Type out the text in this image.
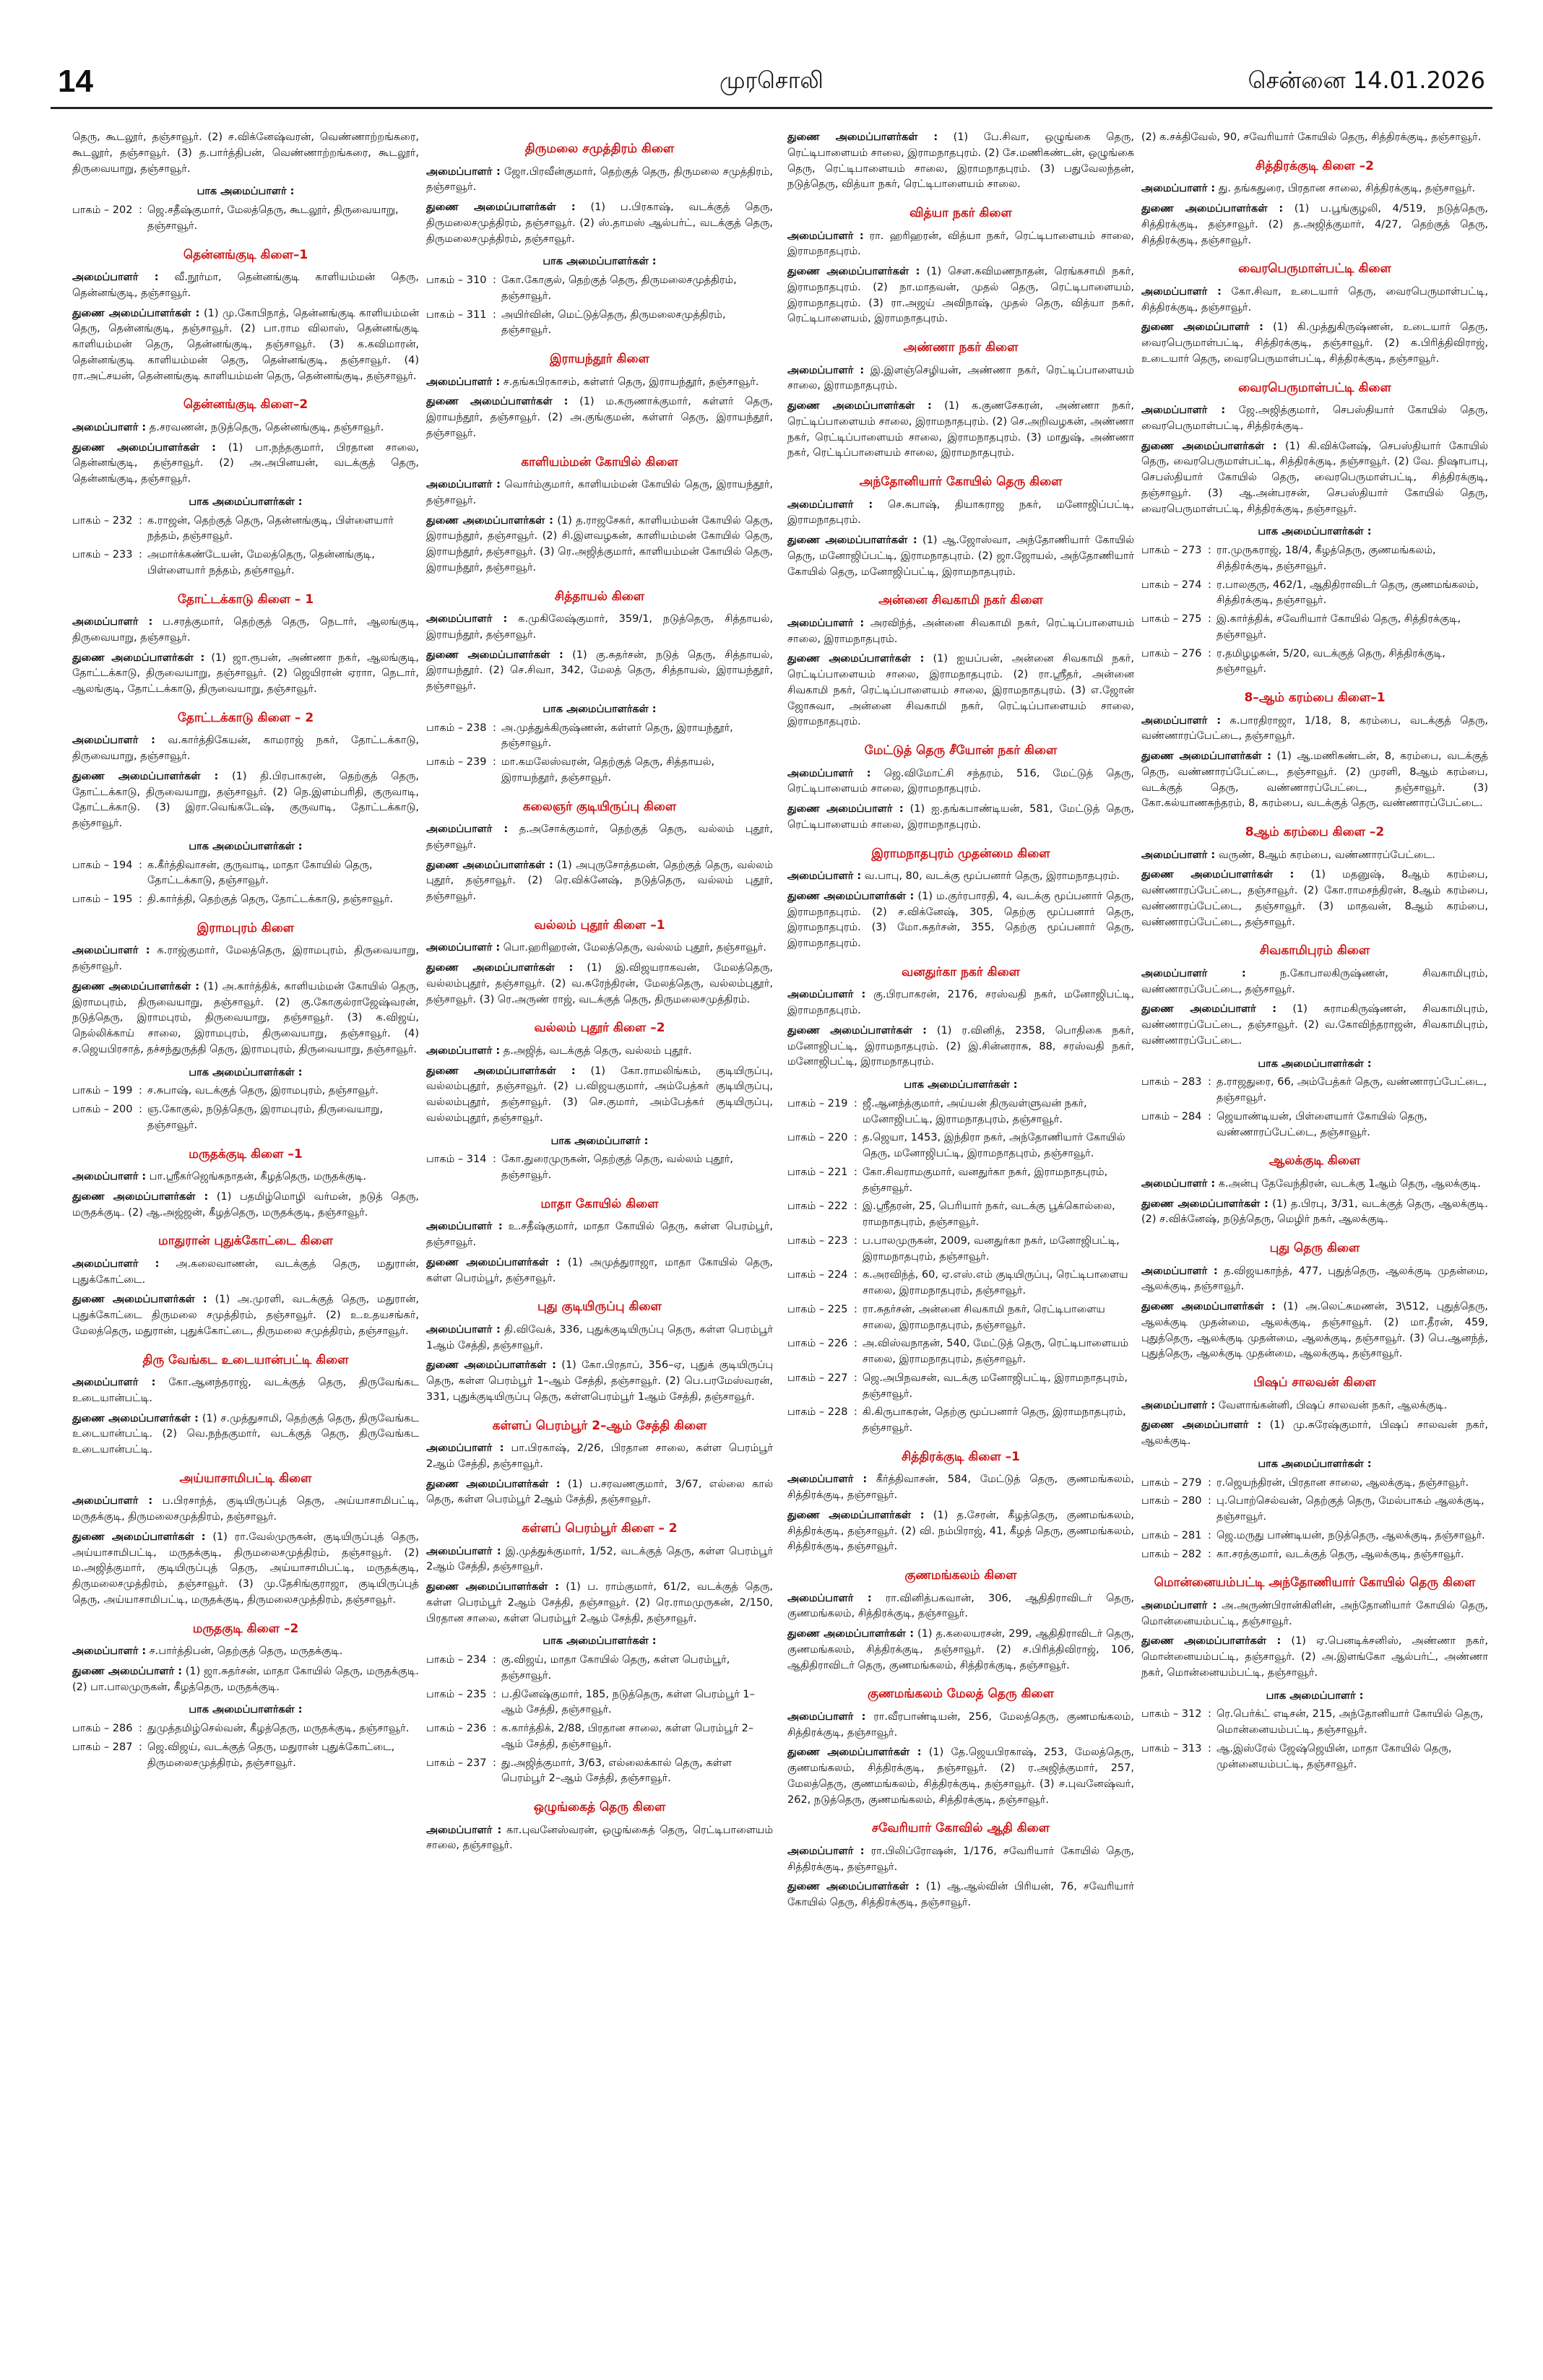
14	முரசொலி	சென்னை 14.01.2026

தெரு, கூடலூர், தஞ்சாவூர். (2) ச.விக்னேஷ்வரன், வெண்ணாற்றங்கரை, கூடலூர், தஞ்சாவூர். (3) த.பார்த்திபன், வெண்ணாற்றங்கரை, கூடலூர், திருவையாறு, தஞ்சாவூர்.

பாக அமைப்பாளர் :
பாகம் – 202 : ஜெ.சதீஷ்குமார், மேலத்தெரு, கூடலூர், திருவையாறு, தஞ்சாவூர்.
தென்னங்குடி கிளை–1

அமைப்பாளர் : வீ.நூர்மா, தென்னங்குடி காளியம்மன் தெரு, தென்னங்குடி, தஞ்சாவூர்.

துணை அமைப்பாளர்கள் : (1) மு.கோபிநாத், தென்னங்குடி காளியம்மன் தெரு, தென்னங்குடி, தஞ்சாவூர். (2) பா.ராம விலாஸ், தென்னங்குடி காளியம்மன் தெரு, தென்னங்குடி, தஞ்சாவூர். (3) க.கவிமாரன், தென்னங்குடி காளியம்மன் தெரு, தென்னங்குடி, தஞ்சாவூர். (4) ரா.அட்சயன், தென்னங்குடி காளியம்மன் தெரு, தென்னங்குடி, தஞ்சாவூர்.

தென்னங்குடி கிளை–2

அமைப்பாளர் : த.சரவணன், நடுத்தெரு, தென்னங்குடி, தஞ்சாவூர்.

துணை அமைப்பாளர்கள் : (1) பா.நந்தகுமார், பிரதான சாலை, தென்னங்குடி, தஞ்சாவூர். (2) அ.அபினயன், வடக்குத் தெரு, தென்னங்குடி, தஞ்சாவூர்.

பாக அமைப்பாளர்கள் :
பாகம் – 232 : க.ராஜன், தெற்குத் தெரு, தென்னங்குடி, பிள்ளையார் நத்தம், தஞ்சாவூர்.
பாகம் – 233 : அமார்க்கண்டேயன், மேலத்தெரு, தென்னங்குடி, பிள்ளையார் நத்தம், தஞ்சாவூர்.
தோட்டக்காடு கிளை – 1

அமைப்பாளர் : ப.சரத்குமார், தெற்குத் தெரு, நெடார், ஆலங்குடி, திருவையாறு, தஞ்சாவூர்.

துணை அமைப்பாளர்கள் : (1) ஜா.ரூபன், அண்ணா நகர், ஆலங்குடி, தோட்டக்காடு, திருவையாறு, தஞ்சாவூர். (2) ஜெயிரான் ஏராா, நெடார், ஆலங்குடி, தோட்டக்காடு, திருவையாறு, தஞ்சாவூர்.

தோட்டக்காடு கிளை – 2

அமைப்பாளர் : வ.கார்த்திகேயன், காமராஜ் நகர், தோட்டக்காடு, திருவையாறு, தஞ்சாவூர்.

துணை அமைப்பாளர்கள் : (1) தி.பிரபாகரன், தெற்குத் தெரு, தோட்டக்காடு, திருவையாறு, தஞ்சாவூர். (2) நெ.இளம்பரிதி, குருவாடி, தோட்டக்காடு. (3) இரா.வெங்கடேஷ், குருவாடி, தோட்டக்காடு, தஞ்சாவூர்.

பாக அமைப்பாளர்கள் :
பாகம் – 194 : க.கீர்த்திவாசன், குருவாடி, மாதா கோயில் தெரு, தோட்டக்காடு, தஞ்சாவூர்.
பாகம் – 195 : தி.கார்த்தி, தெற்குத் தெரு, தோட்டக்காடு, தஞ்சாவூர்.
இராமபுரம் கிளை

அமைப்பாளர் : க.ராஜ்குமார், மேலத்தெரு, இராமபுரம், திருவையாறு, தஞ்சாவூர்.

துணை அமைப்பாளர்கள் : (1) அ.கார்த்திக், காளியம்மன் கோயில் தெரு, இராமபுரம், திருவையாறு, தஞ்சாவூர். (2) கு.கோகுல்ராஜேஷ்வரன், நடுத்தெரு, இராமபுரம், திருவையாறு, தஞ்சாவூர். (3) க.விஜய், நெல்லிக்காய் சாலை, இராமபுரம், திருவையாறு, தஞ்சாவூர். (4) ச.ஜெயபிரசாத், தச்சந்துருத்தி தெரு, இராமபுரம், திருவையாறு, தஞ்சாவூர்.

பாக அமைப்பாளர்கள் :
பாகம் – 199 : ச.சுபாஷ், வடக்குத் தெரு, இராமபுரம், தஞ்சாவூர்.
பாகம் – 200 : ஞ.கோகுல், நடுத்தெரு, இராமபுரம், திருவையாறு, தஞ்சாவூர்.
மருதக்குடி கிளை –1

அமைப்பாளர் : பா.ஸ்ரீகர்ஜெங்கநாதன், கீழத்தெரு, மருதக்குடி.

துணை அமைப்பாளர்கள் : (1) பதமிழ்மொழி வர்மன், நடுத் தெரு, மருதக்குடி. (2) ஆ.அஜ்ஜன், கீழத்தெரு, மருதக்குடி, தஞ்சாவூர்.

மாதுரான் புதுக்கோட்டை கிளை

அமைப்பாளர் : அ.கலைவாணன், வடக்குத் தெரு, மதுரான், புதுக்கோட்டை.

துணை அமைப்பாளர்கள் : (1) அ.முரளி, வடக்குத் தெரு, மதுரான், புதுக்கோட்டை திருமலை சமுத்திரம், தஞ்சாவூர். (2) உ.உதயசங்கர், மேலத்தெரு, மதுரான், புதுக்கோட்டை, திருமலை சமுத்திரம், தஞ்சாவூர்.

திரு வேங்கட உடையான்பட்டி கிளை

அமைப்பாளர் : கோ.ஆனந்தராஜ், வடக்குத் தெரு, திருவேங்கட உடையான்பட்டி.

துணை அமைப்பாளர்கள் : (1) ச.முத்துசாமி, தெற்குத் தெரு, திருவேங்கட உடையான்பட்டி. (2) வெ.நந்தகுமார், வடக்குத் தெரு, திருவேங்கட உடையான்பட்டி.

அய்யாசாமிபட்டி கிளை

அமைப்பாளர் : ப.பிரசாந்த், குடியிருப்புத் தெரு, அய்யாசாமிபட்டி, மருதக்குடி, திருமலைசமுத்திரம், தஞ்சாவூர்.

துணை அமைப்பாளர்கள் : (1) ரா.வேல்முருகன், குடியிருப்புத் தெரு, அய்யாசாமிபட்டி, மருதக்குடி, திருமலைசமுத்திரம், தஞ்சாவூர். (2) ம.அஜித்குமார், குடியிருப்புத் தெரு, அய்யாசாமிபட்டி, மருதக்குடி, திருமலைசமுத்திரம், தஞ்சாவூர். (3) மு.தேசிங்குராஜா, குடியிருப்புத் தெரு, அய்யாசாமிபட்டி, மருதக்குடி, திருமலைசமுத்திரம், தஞ்சாவூர்.

மருதகுடி கிளை –2

அமைப்பாளர் : ச.பார்த்திபன், தெற்குத் தெரு, மருதக்குடி.

துணை அமைப்பாளர் : (1) ஜா.சுதர்சன், மாதா கோயில் தெரு, மருதக்குடி. (2) பா.பாலமுருகன், கீழத்தெரு, மருதக்குடி.

பாக அமைப்பாளர்கள் :
பாகம் – 286 : துமுத்தமிழ்செல்வன், கீழத்தெரு, மருதக்குடி, தஞ்சாவூர்.
பாகம் – 287 : ஜெ.விஜய், வடக்குத் தெரு, மதுரான் புதுக்கோட்டை, திருமலைசமுத்திரம், தஞ்சாவூர்.
திருமலை சமுத்திரம் கிளை

அமைப்பாளர் : ஜோ.பிரவீன்குமார், தெற்குத் தெரு, திருமலை சமுத்திரம், தஞ்சாவூர்.

துணை அமைப்பாளர்கள் : (1) ப.பிரகாஷ், வடக்குத் தெரு, திருமலைசமுத்திரம், தஞ்சாவூர். (2) ஸ்.தாமஸ் ஆல்பர்ட், வடக்குத் தெரு, திருமலைசமுத்திரம், தஞ்சாவூர்.

பாக அமைப்பாளர்கள் :
பாகம் – 310 : கோ.கோகுல், தெற்குத் தெரு, திருமலைசமுத்திரம், தஞ்சாவூர்.
பாகம் – 311 : அயிர்வின், மெட்டுத்தெரு, திருமலைசமுத்திரம், தஞ்சாவூர்.
இராயந்தூர் கிளை

அமைப்பாளர் : ச.தங்கபிரகாசம், கள்ளர் தெரு, இராயந்தூர், தஞ்சாவூர்.

துணை அமைப்பாளர்கள் : (1) ம.கருணாக்குமார், கள்ளர் தெரு, இராயந்தூர், தஞ்சாவூர். (2) அ.குங்குமன், கள்ளர் தெரு, இராயந்தூர், தஞ்சாவூர்.

காளியம்மன் கோயில் கிளை

அமைப்பாளர் : வொர்ம்குமார், காளியம்மன் கோயில் தெரு, இராயந்தூர், தஞ்சாவூர்.

துணை அமைப்பாளர்கள் : (1) த.ராஜசேகர், காளியம்மன் கோயில் தெரு, இராயந்தூர், தஞ்சாவூர். (2) சி.இளவழகன், காளியம்மன் கோயில் தெரு, இராயந்தூர், தஞ்சாவூர். (3) ரெ.அஜித்குமார், காளியம்மன் கோயில் தெரு, இராயந்தூர், தஞ்சாவூர்.

சித்தாயல் கிளை

அமைப்பாளர் : க.முகிலேஷ்குமார், 359/1, நடுத்தெரு, சித்தாயல், இராயந்தூர், தஞ்சாவூர்.

துணை அமைப்பாளர்கள் : (1) கு.சுதர்சன், நடுத் தெரு, சித்தாயல், இராயந்தூர். (2) செ.சிவா, 342, மேலத் தெரு, சித்தாயல், இராயந்தூர், தஞ்சாவூர்.

பாக அமைப்பாளர்கள் :
பாகம் – 238 : அ.முத்துக்கிருஷ்ணன், கள்ளர் தெரு, இராயந்தூர், தஞ்சாவூர்.
பாகம் – 239 : மா.கமலேஸ்வரன், தெற்குத் தெரு, சித்தாயல், இராயந்தூர், தஞ்சாவூர்.
கலைஞர் குடியிருப்பு கிளை

அமைப்பாளர் : த.அசோக்குமார், தெற்குத் தெரு, வல்லம் புதூர், தஞ்சாவூர்.

துணை அமைப்பாளர்கள் : (1) அபுருசோத்தமன், தெற்குத் தெரு, வல்லம் புதூர், தஞ்சாவூர். (2) ரெ.விக்னேஷ், நடுத்தெரு, வல்லம் புதூர், தஞ்சாவூர்.

வல்லம் புதூர் கிளை –1

அமைப்பாளர் : பொ.ஹரிஹரன், மேலத்தெரு, வல்லம் புதூர், தஞ்சாவூர்.

துணை அமைப்பாளர்கள் : (1) இ.விஜயராகவன், மேலத்தெரு, வல்லம்புதூர், தஞ்சாவூர். (2) வ.சுரேந்திரன், மேலத்தெரு, வல்லம்புதூர், தஞ்சாவூர். (3) ரெ.அருண் ராஜ், வடக்குத் தெரு, திருமலைசமுத்திரம்.

வல்லம் புதூர் கிளை –2

அமைப்பாளர் : த.அஜித், வடக்குத் தெரு, வல்லம் புதூர்.

துணை அமைப்பாளர்கள் : (1) கோ.ராமலிங்கம், குடியிருப்பு, வல்லம்புதூர், தஞ்சாவூர். (2) ப.விஜயகுமார், அம்பேத்கர் குடியிருப்பு, வல்லம்புதூர், தஞ்சாவூர். (3) செ.குமார், அம்பேத்கர் குடியிருப்பு, வல்லம்புதூர், தஞ்சாவூர்.

பாக அமைப்பாளர் :
பாகம் – 314 : கோ.துரைமுருகன், தெற்குத் தெரு, வல்லம் புதூர், தஞ்சாவூர்.
மாதா கோயில் கிளை

அமைப்பாளர் : உ.சதீஷ்குமார், மாதா கோயில் தெரு, கள்ள பெரம்பூர், தஞ்சாவூர்.

துணை அமைப்பாளர்கள் : (1) அமுத்துராஜா, மாதா கோயில் தெரு, கள்ள பெரம்பூர், தஞ்சாவூர்.

புது குடியிருப்பு கிளை

அமைப்பாளர் : தி.விவேக், 336, புதுக்குடியிருப்பு தெரு, கள்ள பெரம்பூர் 1ஆம் சேத்தி, தஞ்சாவூர்.

துணை அமைப்பாளர்கள் : (1) கோ.பிரதாப், 356–ஏ, புதுக் குடியிருப்பு தெரு, கள்ள பெரம்பூர் 1–ஆம் சேத்தி, தஞ்சாவூர். (2) பெ.பரமேஸ்வரன், 331, புதுக்குடியிருப்பு தெரு, கள்ளபெரம்பூர் 1ஆம் சேத்தி, தஞ்சாவூர்.

கள்ளப் பெரம்பூர் 2–ஆம் சேத்தி கிளை

அமைப்பாளர் : பா.பிரகாஷ், 2/26, பிரதான சாலை, கள்ள பெரம்பூர் 2ஆம் சேத்தி, தஞ்சாவூர்.

துணை அமைப்பாளர்கள் : (1) ப.சரவணகுமார், 3/67, எல்லை கால் தெரு, கள்ள பெரம்பூர் 2ஆம் சேத்தி, தஞ்சாவூர்.

கள்ளப் பெரம்பூர் கிளை – 2

அமைப்பாளர் : இ.முத்துக்குமார், 1/52, வடக்குத் தெரு, கள்ள பெரம்பூர் 2ஆம் சேத்தி, தஞ்சாவூர்.

துணை அமைப்பாளர்கள் : (1) ப. ராம்குமார், 61/2, வடக்குத் தெரு, கள்ள பெரம்பூர் 2ஆம் சேத்தி, தஞ்சாவூர். (2) ரெ.ராமமுருகன், 2/150, பிரதான சாலை, கள்ள பெரம்பூர் 2ஆம் சேத்தி, தஞ்சாவூர்.

பாக அமைப்பாளர்கள் :
பாகம் – 234 : கு.விஜய், மாதா கோயில் தெரு, கள்ள பெரம்பூர், தஞ்சாவூர்.
பாகம் – 235 : ப.தினேஷ்குமார், 185, நடுத்தெரு, கள்ள பெரம்பூர் 1–ஆம் சேத்தி, தஞ்சாவூர்.
பாகம் – 236 : க.கார்த்திக், 2/88, பிரதான சாலை, கள்ள பெரம்பூர் 2–ஆம் சேத்தி, தஞ்சாவூர்.
பாகம் – 237 : து.அஜித்குமார், 3/63, எல்லைக்கால் தெரு, கள்ள பெரம்பூர் 2–ஆம் சேத்தி, தஞ்சாவூர்.
ஒழுங்கைத் தெரு கிளை

அமைப்பாளர் : கா.புவனேஸ்வரன், ஒழுங்கைத் தெரு, ரெட்டிபாளையம் சாலை, தஞ்சாவூர்.

துணை அமைப்பாளர்கள் : (1) பே.சிவா, ஒழுங்கை தெரு, ரெட்டிபாளையம் சாலை, இராமநாதபுரம். (2) சே.மணிகண்டன், ஒழுங்கை தெரு, ரெட்டிபாளையம் சாலை, இராமநாதபுரம். (3) பதுவேலந்தன், நடுத்தெரு, வித்யா நகர், ரெட்டிபாளையம் சாலை.

வித்யா நகர் கிளை

அமைப்பாளர் : ரா. ஹரிஹரன், வித்யா நகர், ரெட்டிபாளையம் சாலை, இராமநாதபுரம்.

துணை அமைப்பாளர்கள் : (1) செள.கவிமணநாதன், ரெங்கசாமி நகர், இராமநாதபுரம். (2) நா.மாதவன், முதல் தெரு, ரெட்டிபாளையம், இராமநாதபுரம். (3) ரா.அஜய் அவிநாஷ், முதல் தெரு, வித்யா நகர், ரெட்டிபாளையம், இராமநாதபுரம்.

அண்ணா நகர் கிளை

அமைப்பாளர் : இ.இளஞ்செழியன், அண்ணா நகர், ரெட்டிப்பாளையம் சாலை, இராமநாதபுரம்.

துணை அமைப்பாளர்கள் : (1) க.குணசேகரன், அண்ணா நகர், ரெட்டிப்பாளையம் சாலை, இராமநாதபுரம். (2) செ.அறிவழகன், அண்ணா நகர், ரெட்டிப்பாளையம் சாலை, இராமநாதபுரம். (3) மாதுஷ், அண்ணா நகர், ரெட்டிப்பாளையம் சாலை, இராமநாதபுரம்.

அந்தோனியார் கோயில் தெரு கிளை

அமைப்பாளர் : செ.சுபாஷ், தியாகராஜ நகர், மனோஜிப்பட்டி, இராமநாதபுரம்.

துணை அமைப்பாளர்கள் : (1) ஆ.ஜோஸ்வா, அந்தோணியார் கோயில் தெரு, மனோஜிப்பட்டி, இராமநாதபுரம். (2) ஜா.ஜோயல், அந்தோணியார் கோயில் தெரு, மனோஜிப்பட்டி, இராமநாதபுரம்.

அன்னை சிவகாமி நகர் கிளை

அமைப்பாளர் : அரவிந்த், அன்னை சிவகாமி நகர், ரெட்டிப்பாளையம் சாலை, இராமநாதபுரம்.

துணை அமைப்பாளர்கள் : (1) ஐயப்பன், அன்னை சிவகாமி நகர், ரெட்டிப்பாளையம் சாலை, இராமநாதபுரம். (2) ரா.ஸ்ரீதர், அன்னை சிவகாமி நகர், ரெட்டிப்பாளையம் சாலை, இராமநாதபுரம். (3) எ.ஜோன் ஜோசுவா, அன்னை சிவகாமி நகர், ரெட்டிப்பாளையம் சாலை, இராமநாதபுரம்.

மேட்டுத் தெரு சீயோன் நகர் கிளை

அமைப்பாளர் : ஜெ.விமோட்சி சந்தரம், 516, மேட்டுத் தெரு, ரெட்டிபாளையம் சாலை, இராமநாதபுரம்.

துணை அமைப்பாளர் : (1) ஐ.தங்கபாண்டியன், 581, மேட்டுத் தெரு, ரெட்டிபாளையம் சாலை, இராமநாதபுரம்.

இராமநாதபுரம் முதன்மை கிளை

அமைப்பாளர் : வ.பாபு, 80, வடக்கு மூப்பனார் தெரு, இராமநாதபுரம்.

துணை அமைப்பாளர்கள் : (1) ம.குர்ரபாரதி, 4, வடக்கு மூப்பனார் தெரு, இராமநாதபுரம். (2) ச.விக்னேஷ், 305, தெற்கு மூப்பனார் தெரு, இராமநாதபுரம். (3) மோ.சுதர்சன், 355, தெற்கு மூப்பனார் தெரு, இராமநாதபுரம்.

வனதுர்கா நகர் கிளை

அமைப்பாளர் : கு.பிரபாகரன், 2176, சரஸ்வதி நகர், மனோஜிபட்டி, இராமநாதபுரம்.

துணை அமைப்பாளர்கள் : (1) ர.வினித், 2358, பொதிகை நகர், மனோஜிபட்டி, இராமநாதபுரம். (2) இ.சின்னராசு, 88, சரஸ்வதி நகர், மனோஜிபட்டி, இராமநாதபுரம்.

பாக அமைப்பாளர்கள் :
பாகம் – 219 : ஜீ.ஆனந்த்குமார், அய்யன் திருவள்ளுவன் நகர், மனோஜிபட்டி, இராமநாதபுரம், தஞ்சாவூர்.
பாகம் – 220 : த.ஜெயா, 1453, இந்திரா நகர், அந்தோணியார் கோயில் தெரு, மனோஜிபட்டி, இராமநாதபுரம், தஞ்சாவூர்.
பாகம் – 221 : கோ.சிவராமகுமார், வனதுர்கா நகர், இராமநாதபுரம், தஞ்சாவூர்.
பாகம் – 222 : இ.ஸ்ரீதரன், 25, பெரியார் நகர், வடக்கு பூக்கொல்லை, ராமநாதபுரம், தஞ்சாவூர்.
பாகம் – 223 : ப.பாலமுருகன், 2009, வனதுர்கா நகர், மனோஜிபட்டி, இராமநாதபுரம், தஞ்சாவூர்.
பாகம் – 224 : க.அரவிந்த், 60, ஏ.எஸ்.எம் குடியிருப்பு, ரெட்டிபாளைய சாலை, இராமநாதபுரம், தஞ்சாவூர்.
பாகம் – 225 : ரா.சுதர்சன், அன்னை சிவகாமி நகர், ரெட்டிபாளைய சாலை, இராமநாதபுரம், தஞ்சாவூர்.
பாகம் – 226 : அ.விஸ்வநாதன், 540, மேட்டுத் தெரு, ரெட்டிபாளையம் சாலை, இராமநாதபுரம், தஞ்சாவூர்.
பாகம் – 227 : ஜெ.அபிநவசன், வடக்கு மனோஜிபட்டி, இராமநாதபுரம், தஞ்சாவூர்.
பாகம் – 228 : கி.கிருபாகரன், தெற்கு மூப்பனார் தெரு, இராமநாதபுரம், தஞ்சாவூர்.
சித்திரக்குடி கிளை –1

அமைப்பாளர் : கீர்த்திவாசன், 584, மேட்டுத் தெரு, குணமங்கலம், சித்திரக்குடி, தஞ்சாவூர்.

துணை அமைப்பாளர்கள் : (1) த.சேரன், கீழத்தெரு, குணமங்கலம், சித்திரக்குடி, தஞ்சாவூர். (2) வி. நம்பிராஜ், 41, கீழத் தெரு, குணமங்கலம், சித்திரக்குடி, தஞ்சாவூர்.

குணமங்கலம் கிளை

அமைப்பாளர் : ரா.வினித்பகவான், 306, ஆதிதிராவிடர் தெரு, குணமங்கலம், சித்திரக்குடி, தஞ்சாவூர்.

துணை அமைப்பாளர்கள் : (1) த.கலையரசன், 299, ஆதிதிராவிடர் தெரு, குணமங்கலம், சித்திரக்குடி, தஞ்சாவூர். (2) ச.பிரித்திவிராஜ், 106, ஆதிதிராவிடர் தெரு, குணமங்கலம், சித்திரக்குடி, தஞ்சாவூர்.

குணமங்கலம் மேலத் தெரு கிளை

அமைப்பாளர் : ரா.வீரபாண்டியன், 256, மேலத்தெரு, குணமங்கலம், சித்திரக்குடி, தஞ்சாவூர்.

துணை அமைப்பாளர்கள் : (1) தே.ஜெயபிரகாஷ், 253, மேலத்தெரு, குணமங்கலம், சித்திரக்குடி, தஞ்சாவூர். (2) ர.அஜித்குமார், 257, மேலத்தெரு, குணமங்கலம், சித்திரக்குடி, தஞ்சாவூர். (3) ச.புவனேஷ்வர், 262, நடுத்தெரு, குணமங்கலம், சித்திரக்குடி, தஞ்சாவூர்.

சவேரியார் கோவில் ஆதி கிளை

அமைப்பாளர் : ரா.பிலிப்ரோஷன், 1/176, சவேரியார் கோயில் தெரு, சித்திரக்குடி, தஞ்சாவூர்.

துணை அமைப்பாளர்கள் : (1) ஆ.ஆல்வின் பிரியன், 76, சவேரியார் கோயில் தெரு, சித்திரக்குடி, தஞ்சாவூர்.

(2) க.சக்திவேல், 90, சவேரியார் கோயில் தெரு, சித்திரக்குடி, தஞ்சாவூர்.

சித்திரக்குடி கிளை –2

அமைப்பாளர் : து. தங்கதுரை, பிரதான சாலை, சித்திரக்குடி, தஞ்சாவூர்.

துணை அமைப்பாளர்கள் : (1) ப.பூங்குழலி, 4/519, நடுத்தெரு, சித்திரக்குடி, தஞ்சாவூர். (2) த.அஜித்குமார், 4/27, தெற்குத் தெரு, சித்திரக்குடி, தஞ்சாவூர்.

வைரபெருமாள்பட்டி கிளை

அமைப்பாளர் : கோ.சிவா, உடையார் தெரு, வைரபெருமாள்பட்டி, சித்திரக்குடி, தஞ்சாவூர்.

துணை அமைப்பாளர் : (1) கி.முத்துகிருஷ்ணன், உடையார் தெரு, வைரபெருமாள்பட்டி, சித்திரக்குடி, தஞ்சாவூர். (2) க.பிரித்திவிராஜ், உடையார் தெரு, வைரபெருமாள்பட்டி, சித்திரக்குடி, தஞ்சாவூர்.

வைரபெருமாள்பட்டி கிளை

அமைப்பாளர் : ஜே.அஜித்குமார், செபஸ்தியார் கோயில் தெரு, வைரபெருமாள்பட்டி, சித்திரக்குடி.

துணை அமைப்பாளர்கள் : (1) கி.விக்னேஷ், செபஸ்தியார் கோயில் தெரு, வைரபெருமாள்பட்டி, சித்திரக்குடி, தஞ்சாவூர். (2) வே. நிஷாபாபு, செபஸ்தியார் கோயில் தெரு, வைரபெருமாள்பட்டி, சித்திரக்குடி, தஞ்சாவூர். (3) ஆ.அன்பரசன், செபஸ்தியார் கோயில் தெரு, வைரபெருமாள்பட்டி, சித்திரக்குடி, தஞ்சாவூர்.

பாக அமைப்பாளர்கள் :
பாகம் – 273 : ரா.முருகராஜ், 18/4, கீழத்தெரு, குணமங்கலம், சித்திரக்குடி, தஞ்சாவூர்.
பாகம் – 274 : ர.பாலகுரு, 462/1, ஆதிதிராவிடர் தெரு, குணமங்கலம், சித்திரக்குடி, தஞ்சாவூர்.
பாகம் – 275 : இ.கார்த்திக், சவேரியார் கோயில் தெரு, சித்திரக்குடி, தஞ்சாவூர்.
பாகம் – 276 : ர.தமிழழகன், 5/20, வடக்குத் தெரு, சித்திரக்குடி, தஞ்சாவூர்.
8–ஆம் கரம்பை கிளை–1

அமைப்பாளர் : க.பாரதிராஜா, 1/18, 8, கரம்பை, வடக்குத் தெரு, வண்ணாரப்பேட்டை, தஞ்சாவூர்.

துணை அமைப்பாளர்கள் : (1) ஆ.மணிகண்டன், 8, கரம்பை, வடக்குத் தெரு, வண்ணாரப்பேட்டை, தஞ்சாவூர். (2) முரளி, 8ஆம் கரம்பை, வடக்குத் தெரு, வண்ணாரப்பேட்டை, தஞ்சாவூர். (3) கோ.கல்யாணசுந்தரம், 8, கரம்பை, வடக்குத் தெரு, வண்ணாரப்பேட்டை.

8ஆம் கரம்பை கிளை –2

அமைப்பாளர் : வருண், 8ஆம் கரம்பை, வண்ணாரப்பேட்டை.

துணை அமைப்பாளர்கள் : (1) மதனுஷ், 8ஆம் கரம்பை, வண்ணாரப்பேட்டை, தஞ்சாவூர். (2) கோ.ராமசந்திரன், 8ஆம் கரம்பை, வண்ணாரப்பேட்டை, தஞ்சாவூர். (3) மாதவன், 8ஆம் கரம்பை, வண்ணாரப்பேட்டை, தஞ்சாவூர்.

சிவகாமிபுரம் கிளை

அமைப்பாளர் :	ந.கோபாலகிருஷ்ணன், சிவகாமிபுரம், வண்ணாரப்பேட்டை, தஞ்சாவூர்.

துணை அமைப்பாளர் : (1) சுராமகிருஷ்ணன், சிவகாமிபுரம், வண்ணாரப்பேட்டை, தஞ்சாவூர். (2) வ.கோவிந்தராஜன், சிவகாமிபுரம், வண்ணாரப்பேட்டை.

பாக அமைப்பாளர்கள் :
பாகம் – 283 : த.ராஜதுரை, 66, அம்பேத்கர் தெரு, வண்ணாரப்பேட்டை, தஞ்சாவூர்.
பாகம் – 284 : ஜெயாண்டியன், பிள்ளையார் கோயில் தெரு, வண்ணாரப்பேட்டை, தஞ்சாவூர்.
ஆலக்குடி கிளை

அமைப்பாளர் : க.அன்பு தேவேந்திரன், வடக்கு 1ஆம் தெரு, ஆலக்குடி.

துணை அமைப்பாளர்கள் : (1) த.பிரபு, 3/31, வடக்குத் தெரு, ஆலக்குடி. (2) ச.விக்னேஷ், நடுத்தெரு, மெழிர் நகர், ஆலக்குடி.

புது தெரு கிளை

அமைப்பாளர் : த.விஜயகாந்த், 477, புதுத்தெரு, ஆலக்குடி முதன்மை, ஆலக்குடி, தஞ்சாவூர்.

துணை அமைப்பாளர்கள் : (1) அ.லெட்சுமணன், 3\512, புதுத்தெரு, ஆலக்குடி முதன்மை, ஆலக்குடி, தஞ்சாவூர். (2) மா.தீரன், 459, புதுத்தெரு, ஆலக்குடி முதன்மை, ஆலக்குடி, தஞ்சாவூர். (3) பெ.ஆனந்த், புதுத்தெரு, ஆலக்குடி முதன்மை, ஆலக்குடி, தஞ்சாவூர்.

பிஷப் சாலவன் கிளை

அமைப்பாளர் : வேளாங்கன்னி, பிஷப் சாலவன் நகர், ஆலக்குடி.

துணை அமைப்பாளர் : (1) மு.சுரேஷ்குமார், பிஷப் சாலவன் நகர், ஆலக்குடி.

பாக அமைப்பாளர்கள் :
பாகம் – 279 : ர.ஜெயந்திரன், பிரதான சாலை, ஆலக்குடி, தஞ்சாவூர்.
பாகம் – 280 : பு.பொற்செல்வன், தெற்குத் தெரு, மேல்பாகம் ஆலக்குடி, தஞ்சாவூர்.
பாகம் – 281 : ஜெ.மருது பாண்டியன், நடுத்தெரு, ஆலக்குடி, தஞ்சாவூர்.
பாகம் – 282 : கா.சரத்குமார், வடக்குத் தெரு, ஆலக்குடி, தஞ்சாவூர்.
மொன்னையம்பட்டி அந்தோணியார் கோயில் தெரு கிளை

அமைப்பாளர் : அ.அருண்பிரான்கிளின், அந்தோனியார் கோயில் தெரு, மொன்னையம்பட்டி, தஞ்சாவூர்.

துணை அமைப்பாளர்கள் : (1) ஏ.பெனடிக்சனிஸ், அண்ணா நகர், மொன்னையம்பட்டி, தஞ்சாவூர். (2) அ.இளங்கோ ஆல்பர்ட், அண்ணா நகர், மொன்னையம்பட்டி, தஞ்சாவூர்.

பாக அமைப்பாளர் :
பாகம் – 312 : ரெ.பெர்க்ட் எடிசன், 215, அந்தோனியார் கோயில் தெரு, மொன்னையம்பட்டி, தஞ்சாவூர்.
பாகம் – 313 : ஆ.இஸ்ரேல் ஜேஷ்ஜெயின், மாதா கோயில் தெரு, முன்னையம்பட்டி, தஞ்சாவூர்.
